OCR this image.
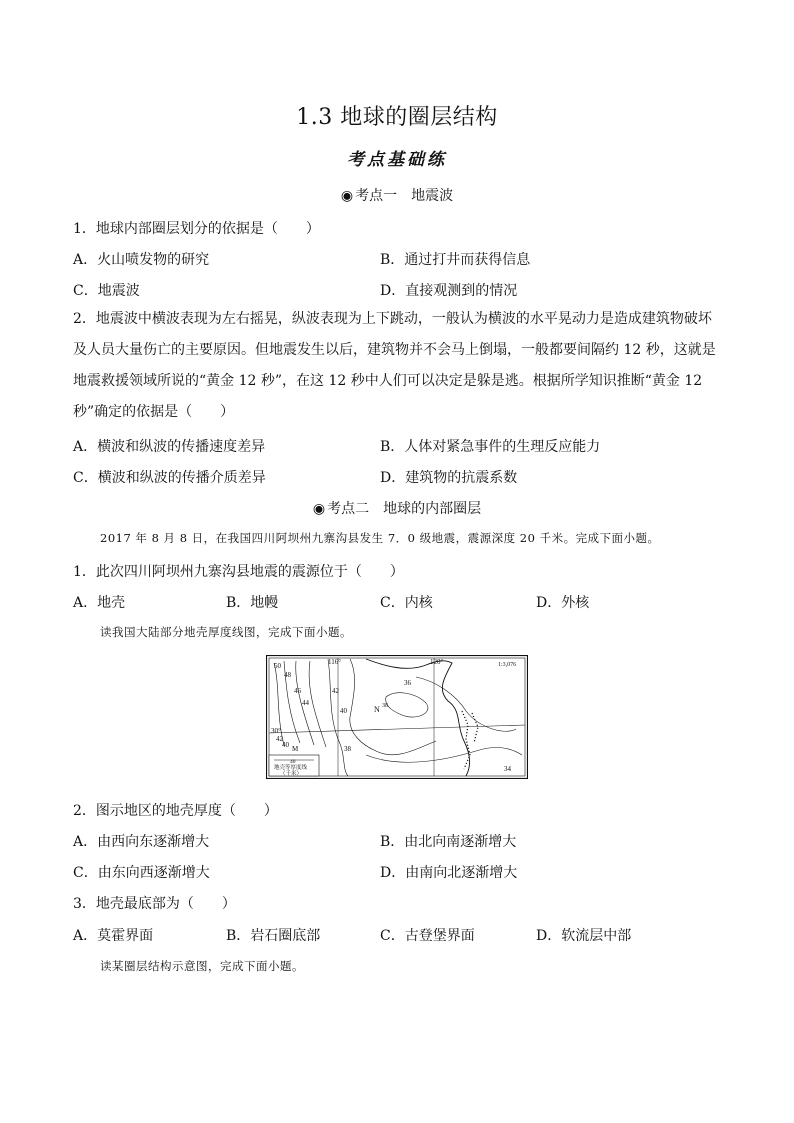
1.3 地球的圈层结构
考点基础练
◉ 考点一　地震波
1．地球内部圈层划分的依据是（　　）
A．火山喷发物的研究	B．通过打井而获得信息
C．地震波	D．直接观测到的情况
2．地震波中横波表现为左右摇晃，纵波表现为上下跳动，一般认为横波的水平晃动力是造成建筑物破坏及人员大量伤亡的主要原因。但地震发生以后，建筑物并不会马上倒塌，一般都要间隔约 12 秒，这就是地震救援领域所说的“黄金 12 秒”，在这 12 秒中人们可以决定是躲是逃。根据所学知识推断“黄金 12 秒”确定的依据是（　　）
A．横波和纵波的传播速度差异	B．人体对紧急事件的生理反应能力
C．横波和纵波的传播介质差异	D．建筑物的抗震系数
◉ 考点二　地球的内部圈层
2017 年 8 月 8 日，在我国四川阿坝州九寨沟县发生 7．0 级地震，震源深度 20 千米。完成下面小题。
1．此次四川阿坝州九寨沟县地震的震源位于（　　）
A．地壳	B．地幔	C．内核	D．外核
读我国大陆部分地壳厚度线图，完成下面小题。
116°	120°
30°
1:3,076
50
48
46
44
42
40
36
38
42
40
34
N 38
M
40
地壳等厚度线
（千米）
2．图示地区的地壳厚度（　　）
A．由西向东逐渐增大	B．由北向南逐渐增大
C．由东向西逐渐增大	D．由南向北逐渐增大
3．地壳最底部为（　　）
A．莫霍界面	B．岩石圈底部	C．古登堡界面	D．软流层中部
读某圈层结构示意图，完成下面小题。
